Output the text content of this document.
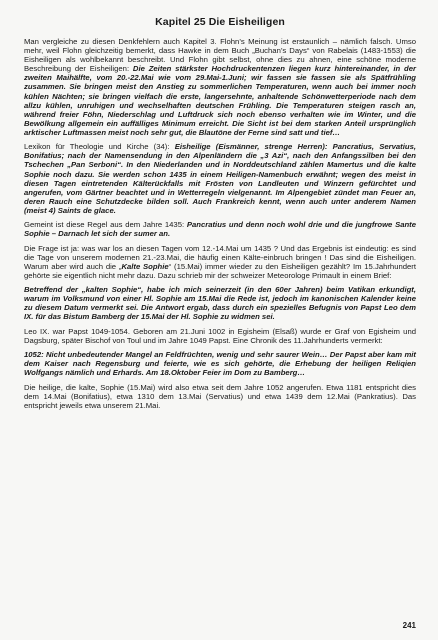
Kapitel 25 Die Eisheiligen

Man vergleiche zu diesen Denkfehlern auch Kapitel 3. Flohn’s Meinung ist erstaunlich – nämlich falsch. Umso mehr, weil Flohn gleichzeitig bemerkt, dass Hawke in dem Buch „Buchan’s Days“ von Rabelais (1483-1553) die Eisheiligen als wohlbekannt beschreibt. Und Flohn gibt selbst, ohne dies zu ahnen, eine schöne moderne Beschreibung der Eisheiligen: Die Zeiten stärkster Hochdruckentenzen liegen kurz hintereinander, in der zweiten Maihälfte, vom 20.-22.Mai wie vom 29.Mai-1.Juni; wir fassen sie fassen sie als Spätfrühling zusammen. Sie bringen meist den Anstieg zu sommerlichen Temperaturen, wenn auch bei immer noch kühlen Nächten; sie bringen vielfach die erste, langersehnte, anhaltende Schönwetterperiode nach dem allzu kühlen, unruhigen und wechselhaften deutschen Frühling. Die Temperaturen steigen rasch an, während freier Föhn, Niederschlag und Luftdruck sich noch ebenso verhalten wie im Winter, und die Bewölkung allgemein ein auffälliges Minimum erreicht. Die Sicht ist bei dem starken Anteil ursprünglich arktischer Luftmassen meist noch sehr gut, die Blautöne der Ferne sind satt und tief…

Lexikon für Theologie und Kirche (34): Eisheilige (Eismänner, strenge Herren): Pancratius, Servatius, Bonifatius; nach der Namensendung in den Alpenländern die „3 Azi“, nach den Anfangssilben bei den Tschechen „Pan Serboni“. In den Niederlanden und in Norddeutschland zählen Mamertus und die kalte Sophie noch dazu. Sie werden schon 1435 in einem Heiligen-Namenbuch erwähnt; wegen des meist in diesen Tagen eintretenden Kälterückfalls mit Frösten von Landleuten und Winzern gefürchtet und angerufen, vom Gärtner beachtet und in Wetterregeln vielgenannt. Im Alpengebiet zündet man Feuer an, deren Rauch eine Schutzdecke bilden soll. Auch Frankreich kennt, wenn auch unter anderem Namen (meist 4) Saints de glace.

Gemeint ist diese Regel aus dem Jahre 1435: Pancratius und denn noch wohl drie und die jungfrowe Sante Sophie – Darnach let sich der sumer an.

Die Frage ist ja: was war los an diesen Tagen vom 12.-14.Mai um 1435 ? Und das Ergebnis ist eindeutig: es sind die Tage von unserem modernen 21.-23.Mai, die häufig einen Kälte-einbruch bringen ! Das sind die Eisheiligen. Warum aber wird auch die „Kalte Sophie“ (15.Mai) immer wieder zu den Eisheiligen gezählt? Im 15.Jahrhundert gehörte sie eigentlich nicht mehr dazu. Dazu schrieb mir der schweizer Meteorologe Primault in einem Brief:

Betreffend der „kalten Sophie“, habe ich mich seinerzeit (in den 60er Jahren) beim Vatikan erkundigt, warum im Volksmund von einer Hl. Sophie am 15.Mai die Rede ist, jedoch im kanonischen Kalender keine zu diesem Datum vermerkt sei. Die Antwort ergab, dass durch ein spezielles Befugnis von Papst Leo dem IX. für das Bistum Bamberg der 15.Mai der Hl. Sophie zu widmen sei.

Leo IX. war Papst 1049-1054. Geboren am 21.Juni 1002 in Egisheim (Elsaß) wurde er Graf von Egisheim und Dagsburg, später Bischof von Toul und im Jahre 1049 Papst. Eine Chronik des 11.Jahrhunderts vermerkt:

1052: Nicht unbedeutender Mangel an Feldfrüchten, wenig und sehr saurer Wein… Der Papst aber kam mit dem Kaiser nach Regensburg und feierte, wie es sich gehörte, die Erhebung der heiligen Reliqien Wolfgangs nämlich und Erhards. Am 18.Oktober Feier im Dom zu Bamberg…

Die heilige, die kalte, Sophie (15.Mai) wird also etwa seit dem Jahre 1052 angerufen. Etwa 1181 entspricht dies dem 14.Mai (Bonifatius), etwa 1310 dem 13.Mai (Servatius) und etwa 1439 dem 12.Mai (Pankratius). Das entspricht jeweils etwa unserem 21.Mai.

241
